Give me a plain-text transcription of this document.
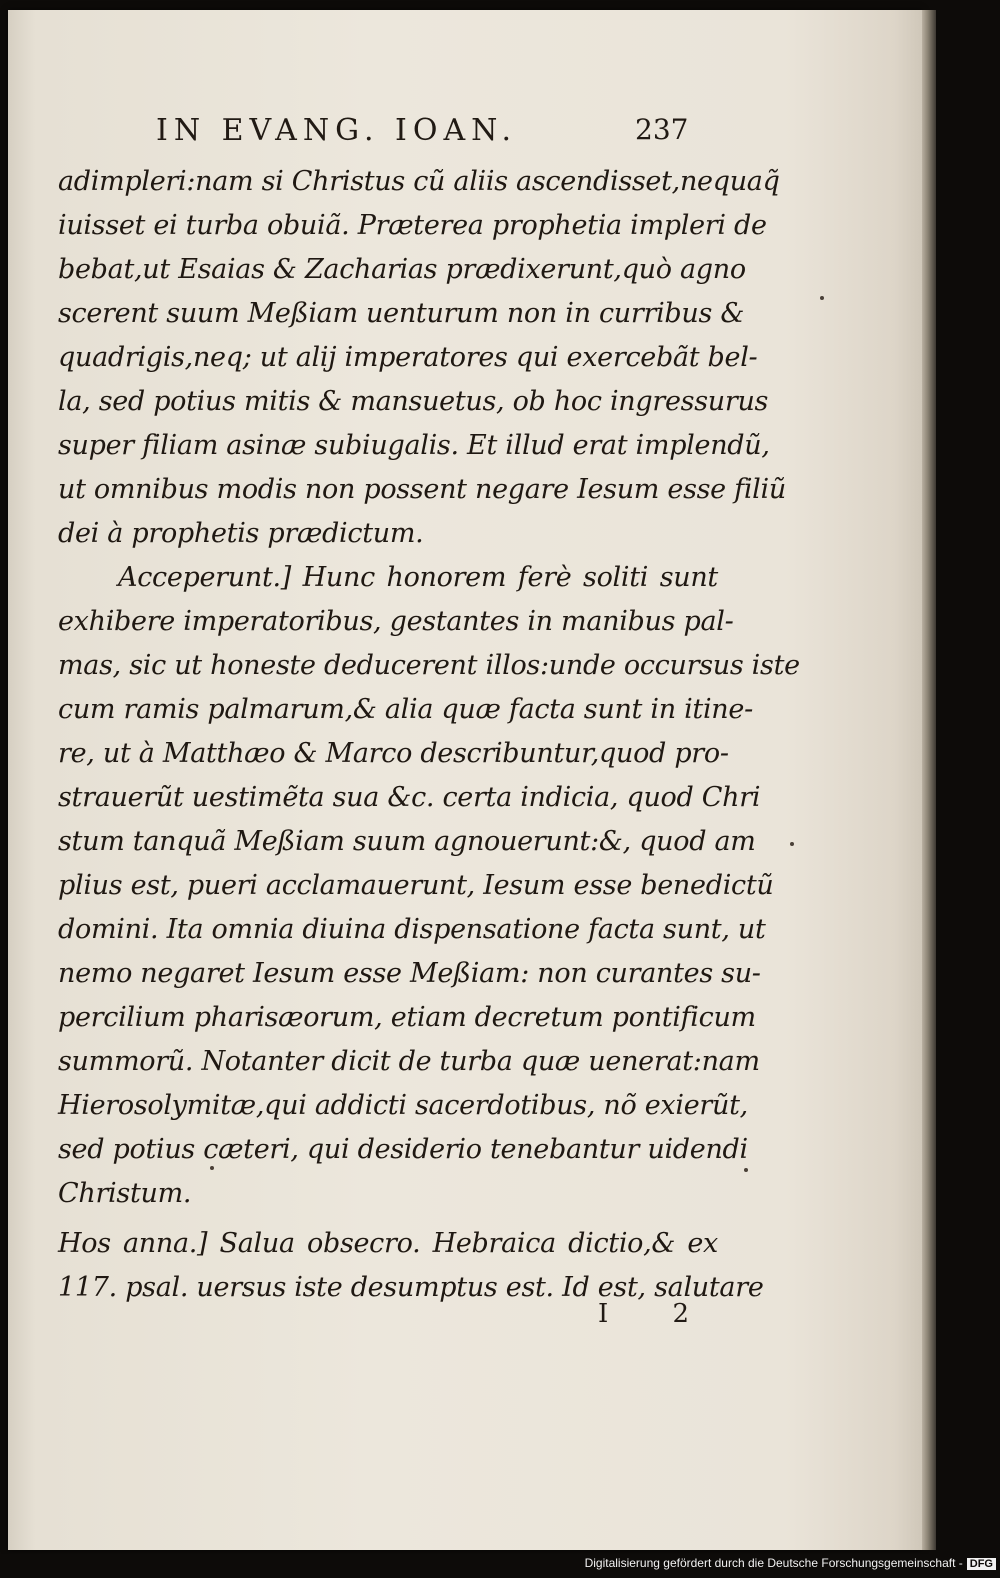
IN EVANG. IOAN.	237
adimpleri:nam si Christus cũ aliis ascendisset,nequaq̃
iuisset ei turba obuiã. Præterea prophetia impleri de
bebat,ut Esaias & Zacharias prædixerunt,quò agno
scerent suum Meßiam uenturum non in curribus &
quadrigis,neq; ut alij imperatores qui exercebãt bel-
la, sed potius mitis & mansuetus, ob hoc ingressurus
super filiam asinæ subiugalis. Et illud erat implendũ,
ut omnibus modis non possent negare Iesum esse filiũ
dei à prophetis prædictum.
Acceperunt.] Hunc honorem ferè soliti sunt
exhibere imperatoribus, gestantes in manibus pal-
mas, sic ut honeste deducerent illos:unde occursus iste
cum ramis palmarum,& alia quæ facta sunt in itine-
re, ut à Matthæo & Marco describuntur,quod pro-
strauerũt uestimẽta sua &c. certa indicia, quod Chri
stum tanquã Meßiam suum agnouerunt:&, quod am
plius est, pueri acclamauerunt, Iesum esse benedictũ
domini. Ita omnia diuina dispensatione facta sunt, ut
nemo negaret Iesum esse Meßiam: non curantes su-
percilium pharisæorum, etiam decretum pontificum
summorũ. Notanter dicit de turba quæ uenerat:nam
Hierosolymitæ,qui addicti sacerdotibus, nõ exierũt,
sed potius cæteri, qui desiderio tenebantur uidendi
Christum.
Hos anna.] Salua obsecro. Hebraica dictio,& ex
117. psal. uersus iste desumptus est. Id est, salutare
I 2
Digitalisierung gefördert durch die Deutsche Forschungsgemeinschaft - DFG
